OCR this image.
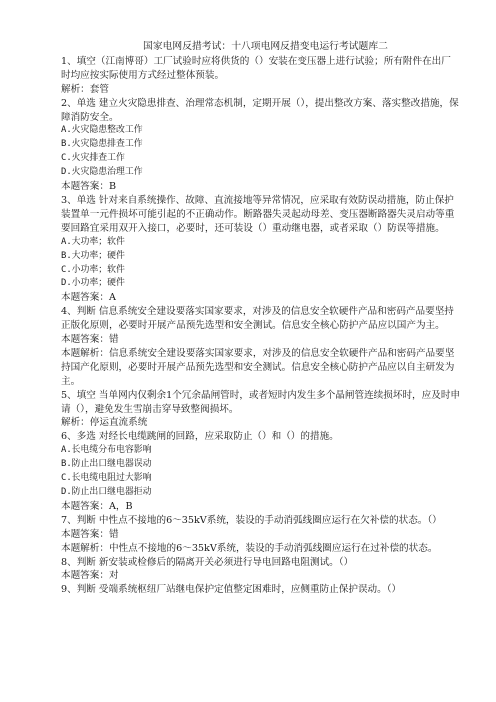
国家电网反措考试：十八项电网反措变电运行考试题库二

1、填空（江南博哥）工厂试验时应将供货的（）安装在变压器上进行试验；所有附件在出厂时均应按实际使用方式经过整体预装。

解析：套管

2、单选 建立火灾隐患排查、治理常态机制，定期开展（），提出整改方案、落实整改措施，保障消防安全。

A.火灾隐患整改工作

B.火灾隐患排查工作

C.火灾排查工作

D.火灾隐患治理工作

本题答案：B

3、单选 针对来自系统操作、故障、直流接地等异常情况，应采取有效防误动措施，防止保护装置单一元件损坏可能引起的不正确动作。断路器失灵起动母差、变压器断路器失灵启动等重要回路宜采用双开入接口，必要时，还可装设（）重动继电器，或者采取（）防误等措施。

A.大功率；软件

B.大功率；硬件

C.小功率；软件

D.小功率；硬件

本题答案：A

4、判断 信息系统安全建设要落实国家要求，对涉及的信息安全软硬件产品和密码产品要坚持正版化原则，必要时开展产品预先选型和安全测试。信息安全核心防护产品应以国产为主。

本题答案：错

本题解析：信息系统安全建设要落实国家要求，对涉及的信息安全软硬件产品和密码产品要坚持国产化原则，必要时开展产品预先选型和安全测试。信息安全核心防护产品应以自主研发为主。

5、填空 当单网内仅剩余1个冗余晶闸管时，或者短时内发生多个晶闸管连续损坏时，应及时申请（），避免发生雪崩击穿导致整阀损坏。

解析：停运直流系统

6、多选 对经长电缆跳闸的回路，应采取防止（）和（）的措施。

A.长电缆分布电容影响

B.防止出口继电器误动

C.长电缆电阻过大影响

D.防止出口继电器拒动

本题答案：A，B

7、判断 中性点不接地的6～35kV系统，装设的手动消弧线圈应运行在欠补偿的状态。（）

本题答案：错

本题解析：中性点不接地的6～35kV系统，装设的手动消弧线圈应运行在过补偿的状态。

8、判断 新安装或检修后的隔离开关必须进行导电回路电阻测试。（）

本题答案：对

9、判断 受端系统枢纽厂站继电保护定值整定困难时，应侧重防止保护误动。（）
